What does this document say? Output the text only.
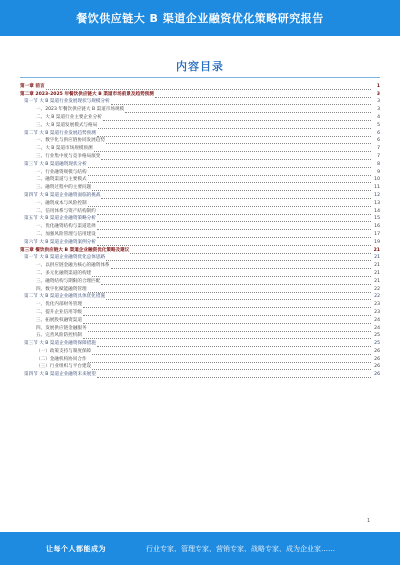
餐饮供应链大 B 渠道企业融资优化策略研究报告
内容目录
第一章 前言	1
第二章 2023-2025 年餐饮供应链大 B 渠道市场前景及趋势预测	3
第一节 大 B 渠道行业发展现状与规模分析	3
一、2023 年餐饮供应链大 B 渠道市场规模	3
二、大 B 渠道行业主要企业分析	4
三、大 B 渠道发展模式与格局	5
第二节 大 B 渠道行业发展趋势预测	6
一、数字化与供应链协同发展趋势	6
二、大 B 渠道市场规模预测	7
三、行业集中度与竞争格局演变	7
第三节 大 B 渠道融资现状分析	8
一、行业融资规模与结构	9
二、融资渠道与主要模式	10
三、融资过程中的主要问题	11
第四节 大 B 渠道企业融资面临的挑战	12
一、融资成本与风险控制	13
二、信用体系与资产结构制约	14
第五节 大 B 渠道企业融资策略分析	15
一、优化融资结构与渠道选择	16
二、加强风险管理与信用建设	17
第六节 大 B 渠道企业融资案例分析	19
第三章 餐饮供应链大 B 渠道企业融资优化策略及建议	21
第一节 大 B 渠道企业融资优化总体思路	21
一、以供应链金融为核心的融资体系	21
二、多元化融资渠道的构建	21
三、融资结构与期限的合理匹配	21
四、数字化赋能融资管理	22
第二节 大 B 渠道企业融资具体优化措施	22
一、优化内部财务管理	23
二、提升企业信用等级	23
三、拓展股权融资渠道	24
四、发展供应链金融服务	24
五、完善风险防控机制	25
第三节 大 B 渠道企业融资保障措施	25
（一）政策支持与制度保障	26
（二）金融机构协同合作	26
（三）行业组织与平台建设	26
第四节 大 B 渠道企业融资未来展望	26
1
让每个人都能成为	行业专家、管理专家、营销专家、战略专家、成为企业家……
